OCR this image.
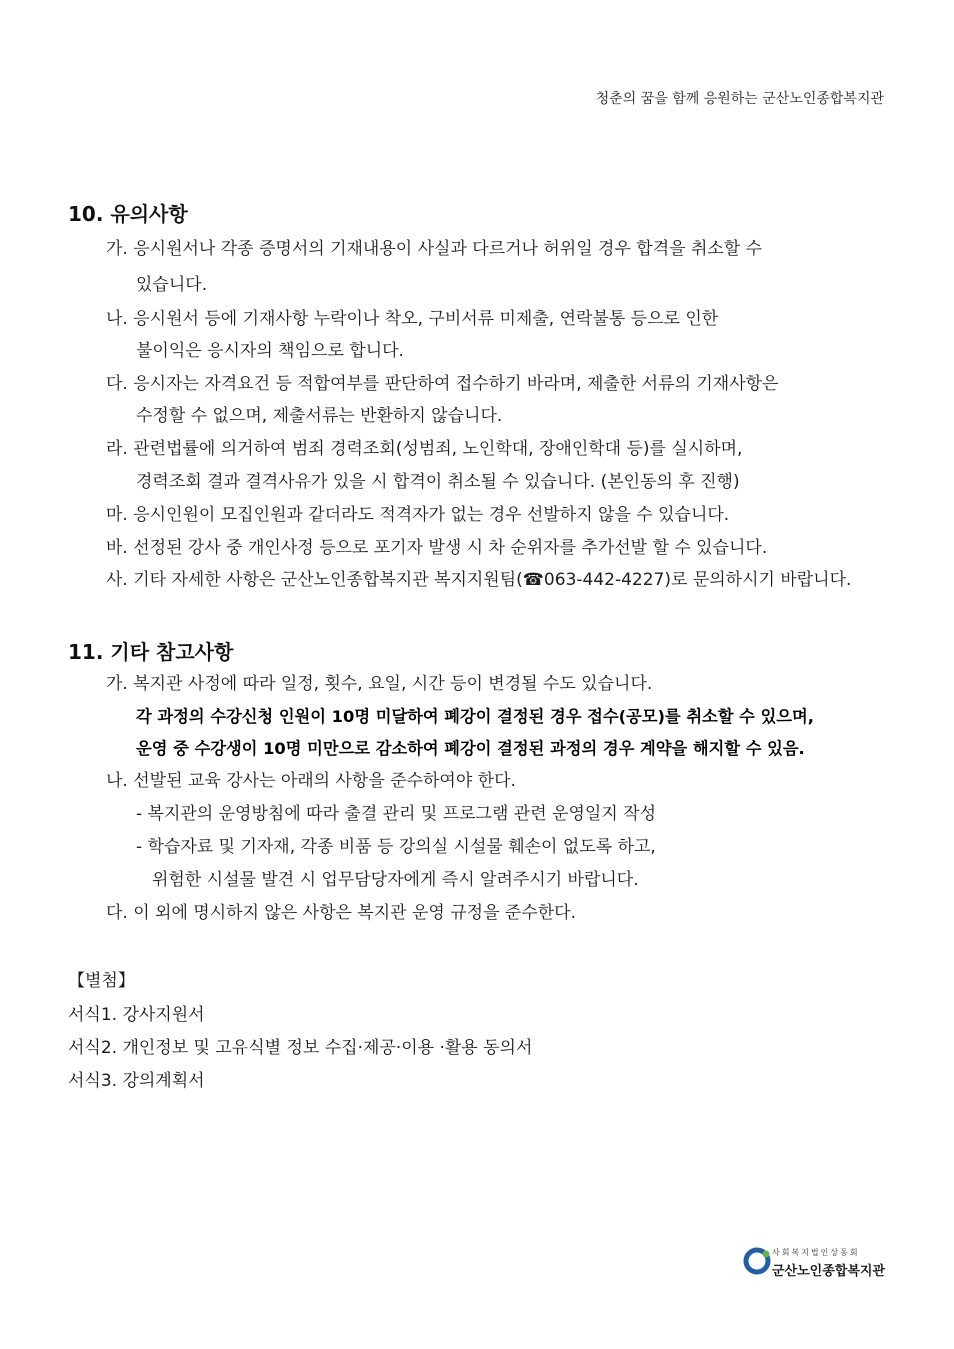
청춘의 꿈을 함께 응원하는 군산노인종합복지관
10. 유의사항
가. 응시원서나 각종 증명서의 기재내용이 사실과 다르거나 허위일 경우 합격을 취소할 수
있습니다.
나. 응시원서 등에 기재사항 누락이나 착오, 구비서류 미제출, 연락불통 등으로 인한
불이익은 응시자의 책임으로 합니다.
다. 응시자는 자격요건 등 적합여부를 판단하여 접수하기 바라며, 제출한 서류의 기재사항은
수정할 수 없으며, 제출서류는 반환하지 않습니다.
라. 관련법률에 의거하여 범죄 경력조회(성범죄, 노인학대, 장애인학대 등)를 실시하며,
경력조회 결과 결격사유가 있을 시 합격이 취소될 수 있습니다. (본인동의 후 진행)
마. 응시인원이 모집인원과 같더라도 적격자가 없는 경우 선발하지 않을 수 있습니다.
바. 선정된 강사 중 개인사정 등으로 포기자 발생 시 차 순위자를 추가선발 할 수 있습니다.
사. 기타 자세한 사항은 군산노인종합복지관 복지지원팀(☎063-442-4227)로 문의하시기 바랍니다.
11. 기타 참고사항
가. 복지관 사정에 따라 일정, 횟수, 요일, 시간 등이 변경될 수도 있습니다.
각 과정의 수강신청 인원이 10명 미달하여 폐강이 결정된 경우 접수(공모)를 취소할 수 있으며,
운영 중 수강생이 10명 미만으로 감소하여 폐강이 결정된 과정의 경우 계약을 해지할 수 있음.
나. 선발된 교육 강사는 아래의 사항을 준수하여야 한다.
- 복지관의 운영방침에 따라 출결 관리 및 프로그램 관련 운영일지 작성
- 학습자료 및 기자재, 각종 비품 등 강의실 시설물 훼손이 없도록 하고,
위험한 시설물 발견 시 업무담당자에게 즉시 알려주시기 바랍니다.
다. 이 외에 명시하지 않은 사항은 복지관 운영 규정을 준수한다.
【별첨】
서식1. 강사지원서
서식2. 개인정보 및 고유식별 정보 수집·제공·이용 ·활용 동의서
서식3. 강의계획서
사회복지법인상동회
군산노인종합복지관
